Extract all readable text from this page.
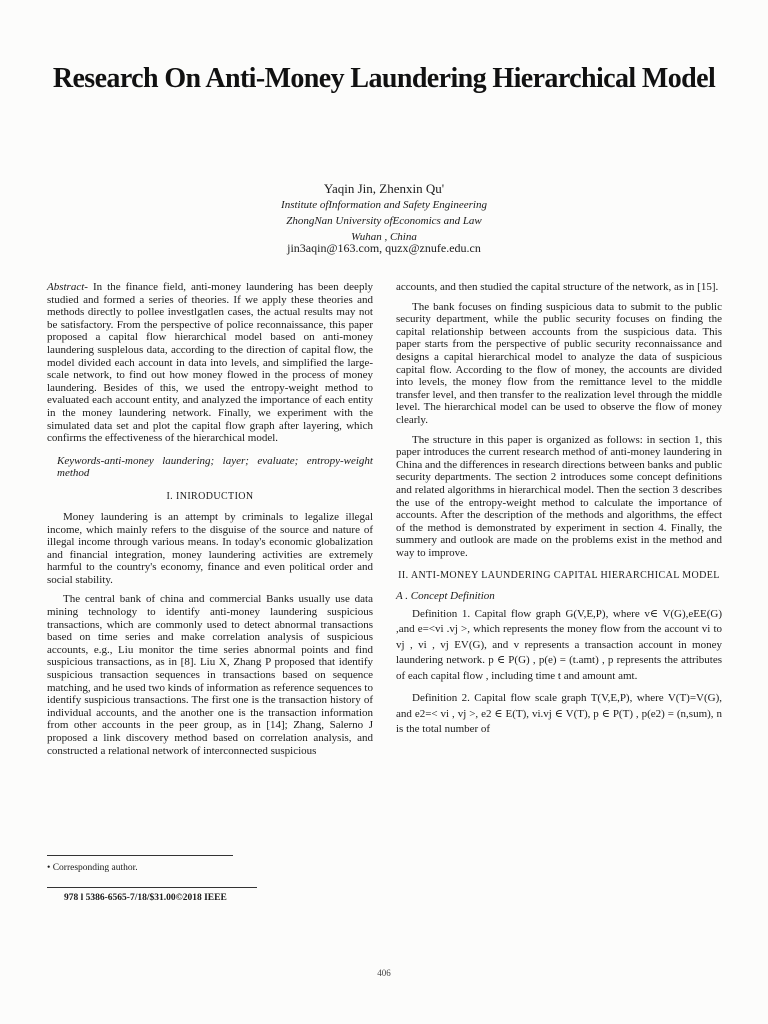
Research On Anti-Money Laundering Hierarchical Model
Yaqin Jin, Zhenxin Qu'
Institute ofInformation and Safety Engineering
ZhongNan University ofEconomics and Law
Wuhan , China
jin3aqin@163.com, quzx@znufe.edu.cn

Abstract- In the finance field, anti-money laundering has been deeply studied and formed a series of theories. If we apply these theories and methods directly to pollee investlgatlen cases, the actual results may not be satisfactory. From the perspective of police reconnaissance, this paper proposed a capital flow hierarchical model based on anti-money laundering susplelous data, according to the direction of capital flow, the model divided each account in data into levels, and simplified the large-scale network, to find out how money flowed in the process of money laundering. Besides of this, we used the entropy-weight method to evaluated each account entity, and analyzed the importance of each entity in the money laundering network. Finally, we experiment with the simulated data set and plot the capital flow graph after layering, which confirms the effectiveness of the hierarchical model.

Keywords-anti-money laundering; layer; evaluate; entropy-weight method

I. INIRODUCTION

Money laundering is an attempt by criminals to legalize illegal income, which mainly refers to the disguise of the source and nature of illegal income through various means. In today's economic globalization and financial integration, money laundering activities are extremely harmful to the country's economy, finance and even political order and social stability.

The central bank of china and commercial Banks usually use data mining technology to identify anti-money laundering suspicious transactions, which are commonly used to detect abnormal transactions based on time series and make correlation analysis of suspicious accounts, e.g., Liu monitor the time series abnormal points and find suspicious transactions, as in [8]. Liu X, Zhang P proposed that identify suspicious transaction sequences in transactions based on sequence matching, and he used two kinds of information as reference sequences to identify suspicious transactions. The first one is the transaction history of individual accounts, and the another one is the transaction information from other accounts in the peer group, as in [14]; Zhang, Salerno J proposed a link discovery method based on correlation analysis, and constructed a relational network of interconnected suspicious

accounts, and then studied the capital structure of the network, as in [15].

The bank focuses on finding suspicious data to submit to the public security department, while the public security focuses on finding the capital relationship between accounts from the suspicious data. This paper starts from the perspective of public security reconnaissance and designs a capital hierarchical model to analyze the data of suspicious capital flow. According to the flow of money, the accounts are divided into levels, the money flow from the remittance level to the middle transfer level, and then transfer to the realization level through the middle level. The hierarchical model can be used to observe the flow of money clearly.

The structure in this paper is organized as follows: in section 1, this paper introduces the current research method of anti-money laundering in China and the differences in research directions between banks and public security departments. The section 2 introduces some concept definitions and related algorithms in hierarchical model. Then the section 3 describes the use of the entropy-weight method to calculate the importance of accounts. After the description of the methods and algorithms, the effect of the method is demonstrated by experiment in section 4. Finally, the summery and outlook are made on the problems exist in the method and way to improve.

II. ANTI-MONEY LAUNDERING CAPITAL HIERARCHICAL MODEL
A . Concept Definition

Definition 1. Capital flow graph G(V,E,P), where v∈ V(G),eEE(G) ,and e=<vi .vj >, which represents the money flow from the account vi to vj , vi , vj EV(G), and v represents a transaction account in money laundering network. p ∈ P(G) , p(e) = (t.amt) , p represents the attributes of each capital flow , including time t and amount amt.

Definition 2. Capital flow scale graph T(V,E,P), where V(T)=V(G), and e2=< vi , vj >, e2 ∈ E(T), vi.vj ∈ V(T), p ∈ P(T) , p(e2) = (n,sum), n is the total number of

• Corresponding author.
978 l 5386-6565-7/18/$31.00©2018 IEEE
406
